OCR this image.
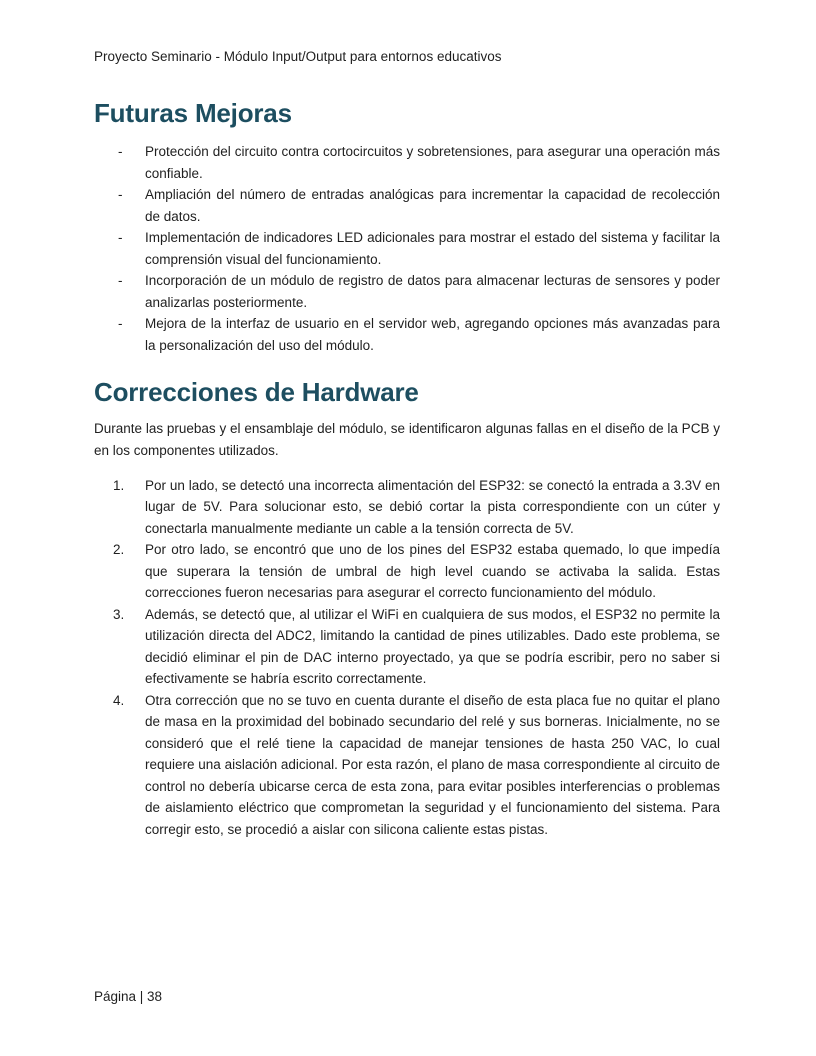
Proyecto Seminario - Módulo Input/Output para entornos educativos
Futuras Mejoras
- Protección del circuito contra cortocircuitos y sobretensiones, para asegurar una operación más confiable.
- Ampliación del número de entradas analógicas para incrementar la capacidad de recolección de datos.
- Implementación de indicadores LED adicionales para mostrar el estado del sistema y facilitar la comprensión visual del funcionamiento.
- Incorporación de un módulo de registro de datos para almacenar lecturas de sensores y poder analizarlas posteriormente.
- Mejora de la interfaz de usuario en el servidor web, agregando opciones más avanzadas para la personalización del uso del módulo.
Correcciones de Hardware

Durante las pruebas y el ensamblaje del módulo, se identificaron algunas fallas en el diseño de la PCB y en los componentes utilizados.

1. Por un lado, se detectó una incorrecta alimentación del ESP32: se conectó la entrada a 3.3V en lugar de 5V. Para solucionar esto, se debió cortar la pista correspondiente con un cúter y conectarla manualmente mediante un cable a la tensión correcta de 5V.
2. Por otro lado, se encontró que uno de los pines del ESP32 estaba quemado, lo que impedía que superara la tensión de umbral de high level cuando se activaba la salida. Estas correcciones fueron necesarias para asegurar el correcto funcionamiento del módulo.
3. Además, se detectó que, al utilizar el WiFi en cualquiera de sus modos, el ESP32 no permite la utilización directa del ADC2, limitando la cantidad de pines utilizables. Dado este problema, se decidió eliminar el pin de DAC interno proyectado, ya que se podría escribir, pero no saber si efectivamente se habría escrito correctamente.
4. Otra corrección que no se tuvo en cuenta durante el diseño de esta placa fue no quitar el plano de masa en la proximidad del bobinado secundario del relé y sus borneras. Inicialmente, no se consideró que el relé tiene la capacidad de manejar tensiones de hasta 250 VAC, lo cual requiere una aislación adicional. Por esta razón, el plano de masa correspondiente al circuito de control no debería ubicarse cerca de esta zona, para evitar posibles interferencias o problemas de aislamiento eléctrico que comprometan la seguridad y el funcionamiento del sistema. Para corregir esto, se procedió a aislar con silicona caliente estas pistas.
Página | 38
